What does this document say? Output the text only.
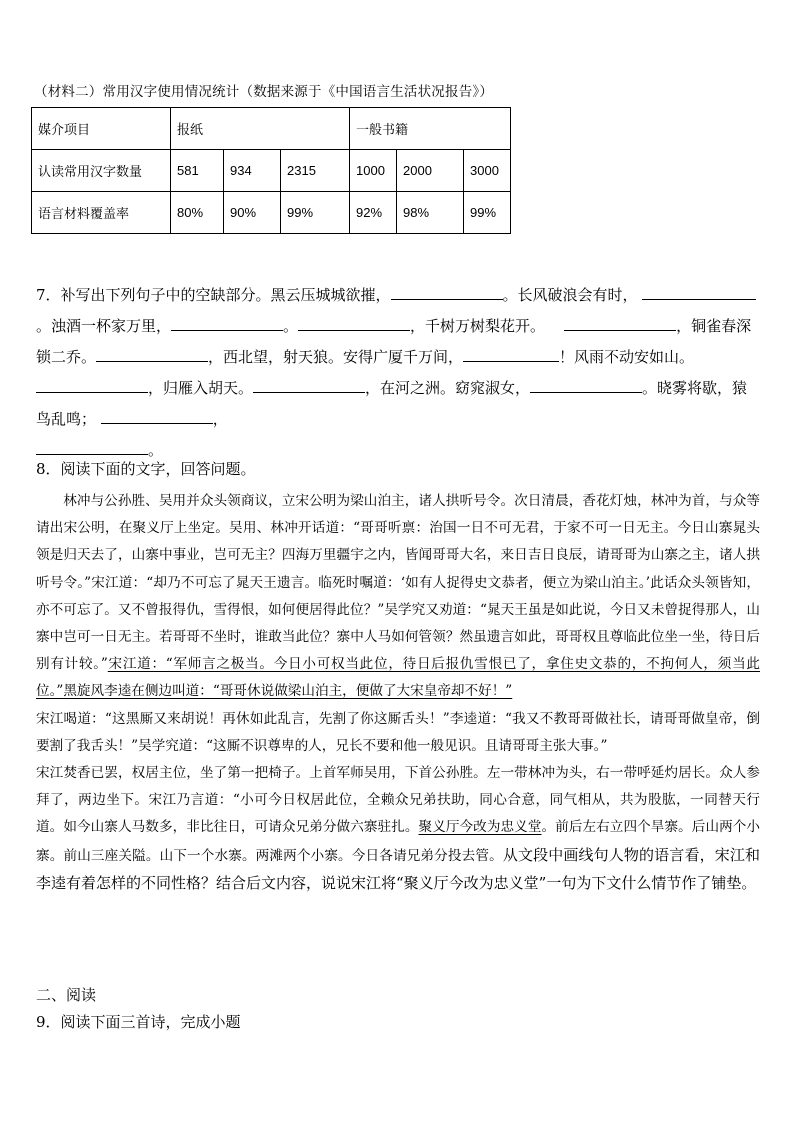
（材料二）常用汉字使用情况统计（数据来源于《中国语言生活状况报告》）
媒介项目	报纸			一般书籍		
认读常用汉字数量	581	934	2315	1000	2000	3000
语言材料覆盖率	80%	90%	99%	92%	98%	99%
7．补写出下列句子中的空缺部分。黑云压城城欲摧，	。长风破浪会有时， 。浊酒一杯家万里，	。	，千树万树梨花开。	，铜雀春深锁二乔。	，西北望，射天狼。安得广厦千万间，	！风雨不动安如山。，归雁入胡天。	，在河之洲。窈窕淑女，	。晓雾将歇，猿鸟乱鸣；	，
。
8．阅读下面的文字，回答问题。

林冲与公孙胜、吴用并众头领商议，立宋公明为梁山泊主，诸人拱听号令。次日清晨，香花灯烛，林冲为首，与众等请出宋公明，在聚义厅上坐定。吴用、林冲开话道：“哥哥听禀：治国一日不可无君，于家不可一日无主。今日山寨晁头领是归天去了，山寨中事业，岂可无主？四海万里疆宇之内，皆闻哥哥大名，来日吉日良辰，请哥哥为山寨之主，诸人拱听号令。”宋江道：“却乃不可忘了晁天王遗言。临死时嘱道：‘如有人捉得史文恭者，便立为梁山泊主。’此话众头领皆知，亦不可忘了。又不曾报得仇，雪得恨，如何便居得此位？”吴学究又劝道：“晁天王虽是如此说，今日又未曾捉得那人，山寨中岂可一日无主。若哥哥不坐时，谁敢当此位？寨中人马如何管领？然虽遗言如此，哥哥权且尊临此位坐一坐，待日后别有计较。”宋江道：“军师言之极当。今日小可权当此位，待日后报仇雪恨已了，拿住史文恭的，不拘何人，须当此位。”黑旋风李逵在侧边叫道：“哥哥休说做梁山泊主，便做了大宋皇帝却不好！”

宋江喝道：“这黑厮又来胡说！再休如此乱言，先割了你这厮舌头！”李逵道：“我又不教哥哥做社长，请哥哥做皇帝，倒要割了我舌头！”吴学究道：“这厮不识尊卑的人，兄长不要和他一般见识。且请哥哥主张大事。”

宋江焚香已罢，权居主位，坐了第一把椅子。上首军师吴用，下首公孙胜。左一带林冲为头，右一带呼延灼居长。众人参拜了，两边坐下。宋江乃言道：“小可今日权居此位，全赖众兄弟扶助，同心合意，同气相从，共为股肱，一同替天行道。如今山寨人马数多，非比往日，可请众兄弟分做六寨驻扎。聚义厅今改为忠义堂。前后左右立四个旱寨。后山两个小寨。前山三座关隘。山下一个水寨。两滩两个小寨。今日各请兄弟分投去管。从文段中画线句人物的语言看，宋江和李逵有着怎样的不同性格？结合后文内容，说说宋江将“聚义厅今改为忠义堂”一句为下文什么情节作了铺垫。

二、阅读
9．阅读下面三首诗，完成小题
